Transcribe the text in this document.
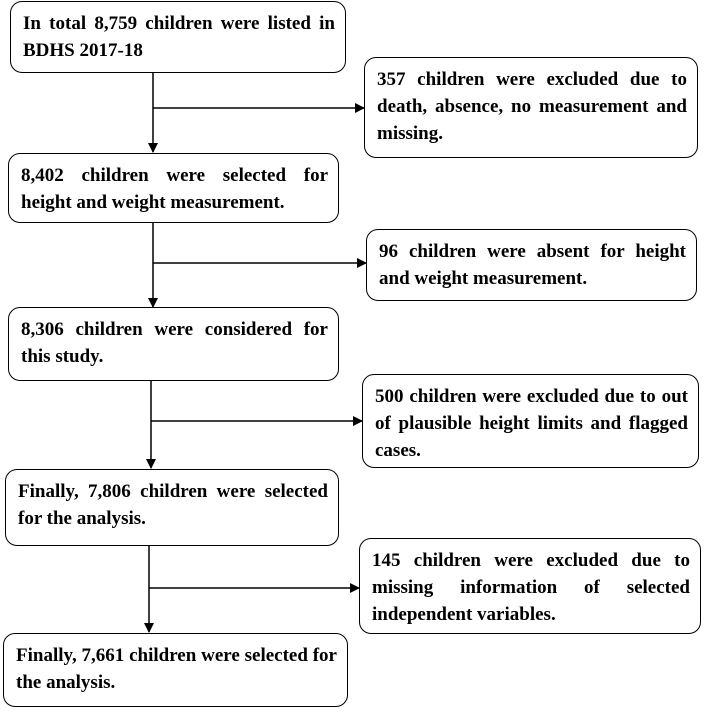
In total 8,759 children were listed in BDHS 2017-18
357 children were excluded due to death, absence, no measurement and missing.
8,402 children were selected for height and weight measurement.
96 children were absent for height and weight measurement.
8,306 children were considered for this study.
500 children were excluded due to out of plausible height limits and flagged cases.
Finally, 7,806 children were selected for the analysis.
145 children were excluded due to missing information of selected independent variables.
Finally, 7,661 children were selected for the analysis.
